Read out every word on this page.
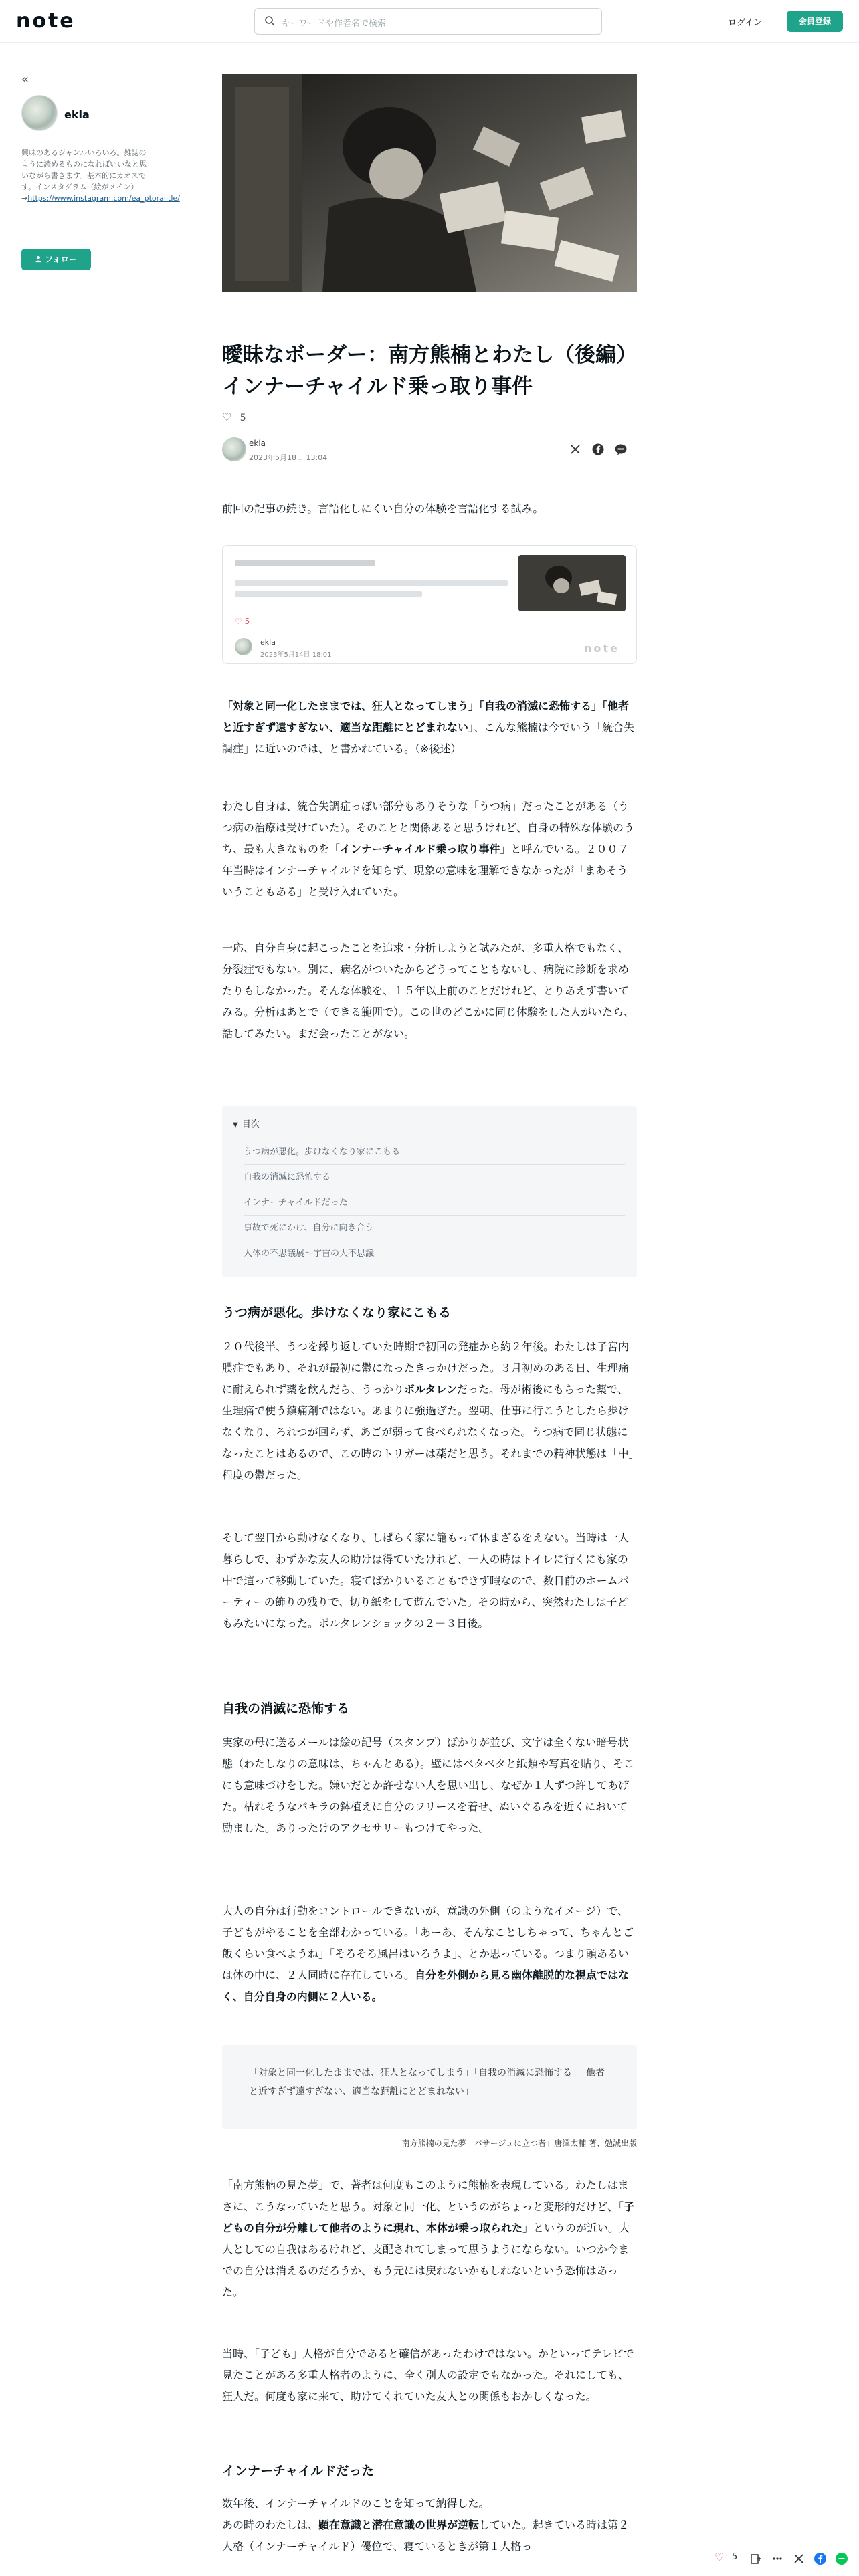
note	キーワードや作者名で検索	ログイン	会員登録
«
ekla
興味のあるジャンルいろいろ。雑誌のように読めるものになればいいなと思いながら書きます。基本的にカオスです。インスタグラム（絵がメイン）→https://www.instagram.com/ea_ptoralitle/
フォロー
曖昧なボーダー：南方熊楠とわたし（後編）
インナーチャイルド乗っ取り事件
♡ 5
ekla
2023年5月18日 13:04
前回の記事の続き。言語化しにくい自分の体験を言語化する試み。
♡ 5
ekla
2023年5月14日 18:01
note
「対象と同一化したままでは、狂人となってしまう」「自我の消滅に恐怖する」「他者と近すぎず遠すぎない、適当な距離にとどまれない」、こんな熊楠は今でいう「統合失調症」に近いのでは、と書かれている。（※後述）
わたし自身は、統合失調症っぽい部分もありそうな「うつ病」だったことがある（うつ病の治療は受けていた）。そのことと関係あると思うけれど、自身の特殊な体験のうち、最も大きなものを「インナーチャイルド乗っ取り事件」と呼んでいる。２００７年当時はインナーチャイルドを知らず、現象の意味を理解できなかったが「まあそういうこともある」と受け入れていた。
一応、自分自身に起こったことを追求・分析しようと試みたが、多重人格でもなく、分裂症でもない。別に、病名がついたからどうってこともないし、病院に診断を求めたりもしなかった。そんな体験を、１５年以上前のことだけれど、とりあえず書いてみる。分析はあとで（できる範囲で）。この世のどこかに同じ体験をした人がいたら、話してみたい。まだ会ったことがない。
▼ 目次
うつ病が悪化。歩けなくなり家にこもる
自我の消滅に恐怖する
インナーチャイルドだった
事故で死にかけ、自分に向き合う
人体の不思議展〜宇宙の大不思議
うつ病が悪化。歩けなくなり家にこもる
２０代後半、うつを繰り返していた時期で初回の発症から約２年後。わたしは子宮内膜症でもあり、それが最初に鬱になったきっかけだった。３月初めのある日、生理痛に耐えられず薬を飲んだら、うっかりボルタレンだった。母が術後にもらった薬で、生理痛で使う鎮痛剤ではない。あまりに強過ぎた。翌朝、仕事に行こうとしたら歩けなくなり、ろれつが回らず、あごが弱って食べられなくなった。うつ病で同じ状態になったことはあるので、この時のトリガーは薬だと思う。それまでの精神状態は「中」程度の鬱だった。
そして翌日から動けなくなり、しばらく家に籠もって休まざるをえない。当時は一人暮らしで、わずかな友人の助けは得ていたけれど、一人の時はトイレに行くにも家の中で這って移動していた。寝てばかりいることもできず暇なので、数日前のホームパーティーの飾りの残りで、切り紙をして遊んでいた。その時から、突然わたしは子どもみたいになった。ボルタレンショックの２－３日後。
自我の消滅に恐怖する
実家の母に送るメールは絵の記号（スタンプ）ばかりが並び、文字は全くない暗号状態（わたしなりの意味は、ちゃんとある）。壁にはベタベタと紙類や写真を貼り、そこにも意味づけをした。嫌いだとか許せない人を思い出し、なぜか１人ずつ許してあげた。枯れそうなパキラの鉢植えに自分のフリースを着せ、ぬいぐるみを近くにおいて励ました。ありったけのアクセサリーもつけてやった。
大人の自分は行動をコントロールできないが、意識の外側（のようなイメージ）で、子どもがやることを全部わかっている。「あーあ、そんなことしちゃって、ちゃんとご飯くらい食べようね」「そろそろ風呂はいろうよ」、とか思っている。つまり頭あるいは体の中に、２人同時に存在している。自分を外側から見る幽体離脱的な視点ではなく、自分自身の内側に２人いる。
「対象と同一化したままでは、狂人となってしまう」「自我の消滅に恐怖する」「他者と近すぎず遠すぎない、適当な距離にとどまれない」
「南方熊楠の見た夢　パサージュに立つ者」唐澤太輔 著、勉誠出版
「南方熊楠の見た夢」で、著者は何度もこのように熊楠を表現している。わたしはまさに、こうなっていたと思う。対象と同一化、というのがちょっと変形的だけど、「子どもの自分が分離して他者のように現れ、本体が乗っ取られた」というのが近い。大人としての自我はあるけれど、支配されてしまって思うようにならない。いつか今までの自分は消えるのだろうか、もう元には戻れないかもしれないという恐怖はあった。
当時、「子ども」人格が自分であると確信があったわけではない。かといってテレビで見たことがある多重人格者のように、全く別人の設定でもなかった。それにしても、狂人だ。何度も家に来て、助けてくれていた友人との関係もおかしくなった。
インナーチャイルドだった
数年後、インナーチャイルドのことを知って納得した。
あの時のわたしは、顕在意識と潜在意識の世界が逆転していた。起きている時は第２人格（インナーチャイルド）優位で、寝ているときが第１人格っ
♡ 5
